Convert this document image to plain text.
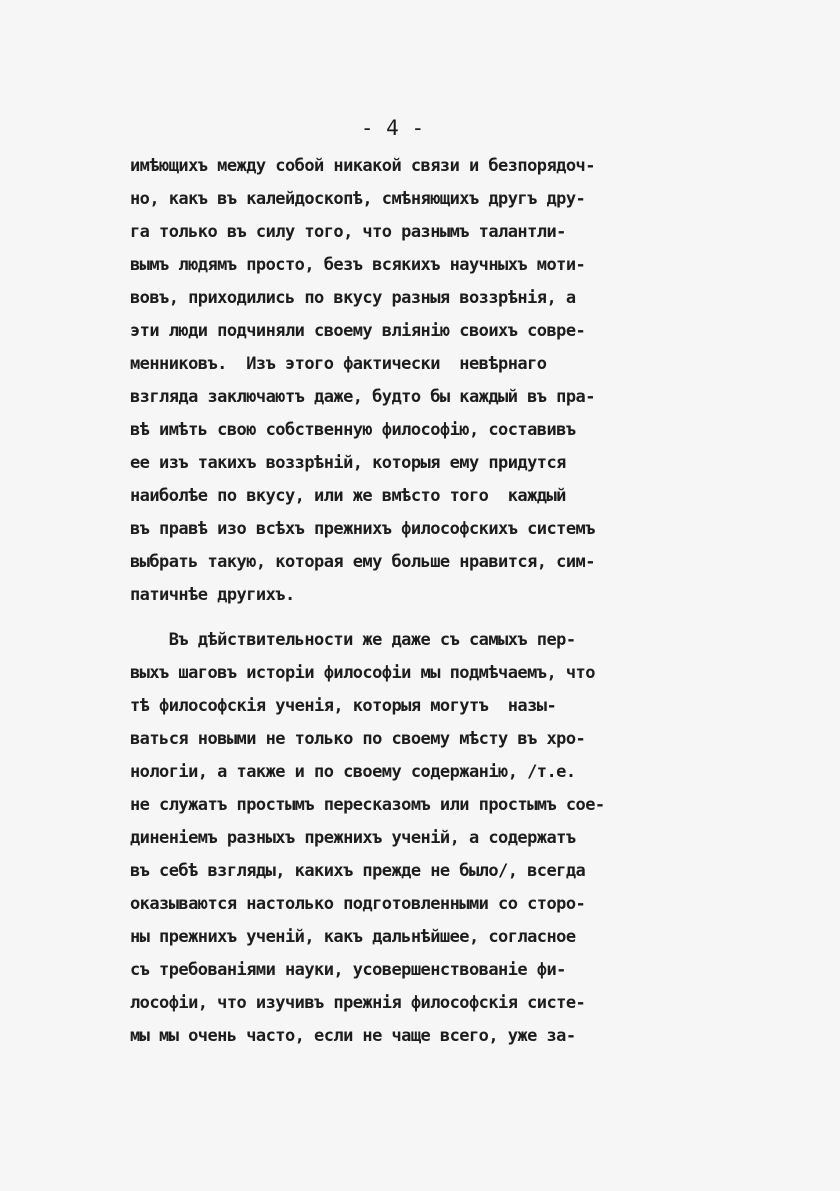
- 4 -
имѣющихъ между собой никакой связи и безпорядоч-
но, какъ въ калейдоскопѣ, смѣняющихъ другъ дру-
га только въ силу того, что разнымъ талантли-
вымъ людямъ просто, безъ всякихъ научныхъ моти-
вовъ, приходились по вкусу разныя воззрѣнія, а
эти люди подчиняли своему вліянію своихъ совре-
менниковъ.  Изъ этого фактически  невѣрнаго
взгляда заключаютъ даже, будто бы каждый въ пра-
вѣ имѣть свою собственную философію, составивъ
ее изъ такихъ воззрѣній, которыя ему придутся
наиболѣе по вкусу, или же вмѣсто того  каждый
въ правѣ изо всѣхъ прежнихъ философскихъ системъ
выбрать такую, которая ему больше нравится, сим-
патичнѣе другихъ.
Въ дѣйствительности же даже съ самыхъ пер-
выхъ шаговъ исторіи философіи мы подмѣчаемъ, что
тѣ философскія ученія, которыя могутъ  назы-
ваться новыми не только по своему мѣсту въ хро-
нологіи, а также и по своему содержанію, /т.е.
не служатъ простымъ пересказомъ или простымъ сое-
диненіемъ разныхъ прежнихъ ученій, а содержатъ
въ себѣ взгляды, какихъ прежде не было/, всегда
оказываются настолько подготовленными со сторо-
ны прежнихъ ученій, какъ дальнѣйшее, согласное
съ требованіями науки, усовершенствованіе фи-
лософіи, что изучивъ прежнія философскія систе-
мы мы очень часто, если не чаще всего, уже за-
